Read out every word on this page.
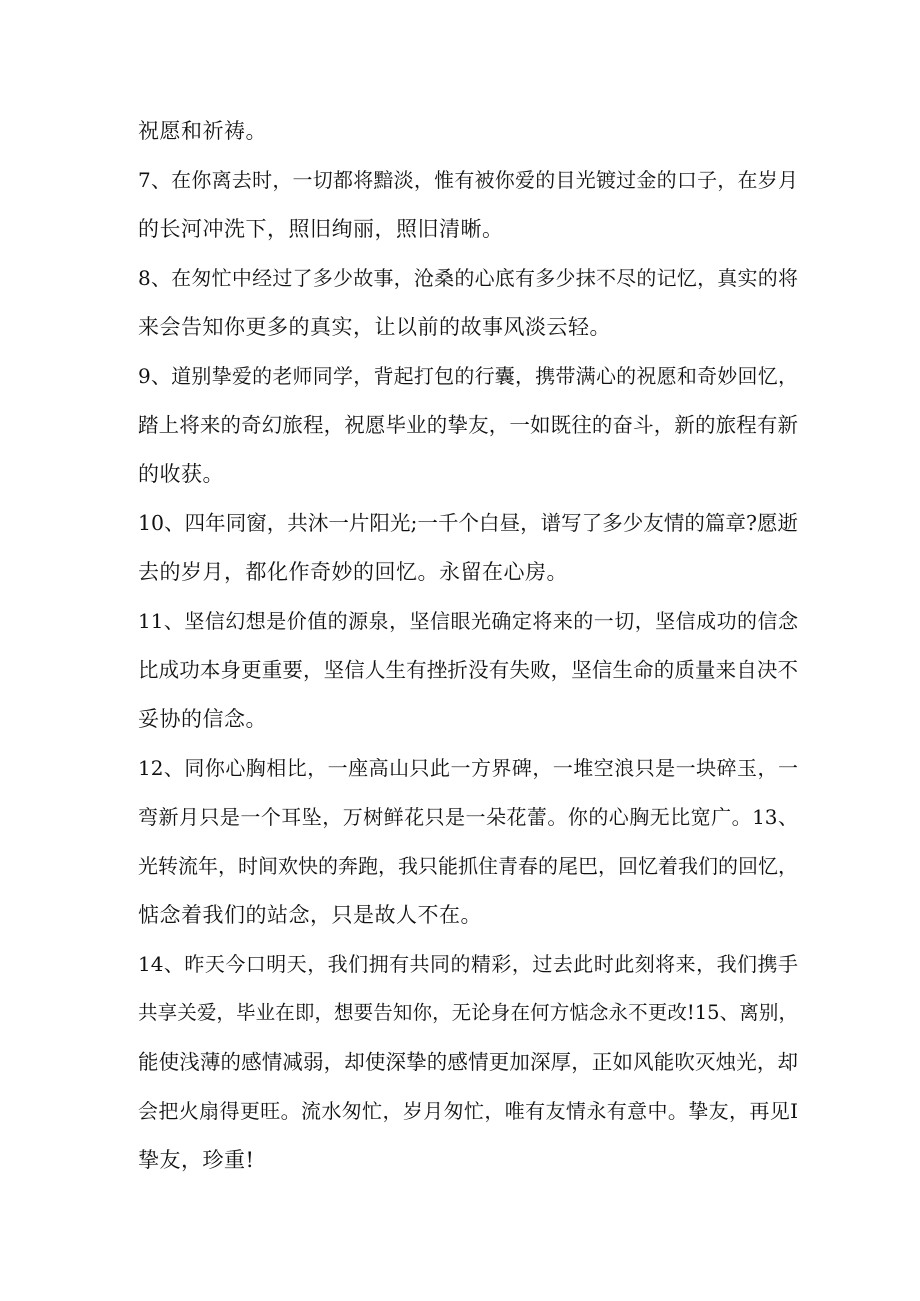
祝愿和祈祷。
7、在你离去时，一切都将黯淡，惟有被你爱的目光镀过金的口子，在岁月
的长河冲洗下，照旧绚丽，照旧清晰。
8、在匆忙中经过了多少故事，沧桑的心底有多少抹不尽的记忆，真实的将
来会告知你更多的真实，让以前的故事风淡云轻。
9、道别挚爱的老师同学，背起打包的行囊，携带满心的祝愿和奇妙回忆，
踏上将来的奇幻旅程，祝愿毕业的挚友，一如既往的奋斗，新的旅程有新
的收获。
10、四年同窗，共沐一片阳光;一千个白昼，谱写了多少友情的篇章?愿逝
去的岁月，都化作奇妙的回忆。永留在心房。
11、坚信幻想是价值的源泉，坚信眼光确定将来的一切，坚信成功的信念
比成功本身更重要，坚信人生有挫折没有失败，坚信生命的质量来自决不
妥协的信念。
12、同你心胸相比，一座高山只此一方界碑，一堆空浪只是一块碎玉，一
弯新月只是一个耳坠，万树鲜花只是一朵花蕾。你的心胸无比宽广。13、
光转流年，时间欢快的奔跑，我只能抓住青春的尾巴，回忆着我们的回忆，
惦念着我们的站念，只是故人不在。
14、昨天今口明天，我们拥有共同的精彩，过去此时此刻将来，我们携手
共享关爱，毕业在即，想要告知你，无论身在何方惦念永不更改!15、离别，
能使浅薄的感情减弱，却使深挚的感情更加深厚，正如风能吹灭烛光，却
会把火扇得更旺。流水匆忙，岁月匆忙，唯有友情永有意中。挚友，再见I
挚友，珍重!
